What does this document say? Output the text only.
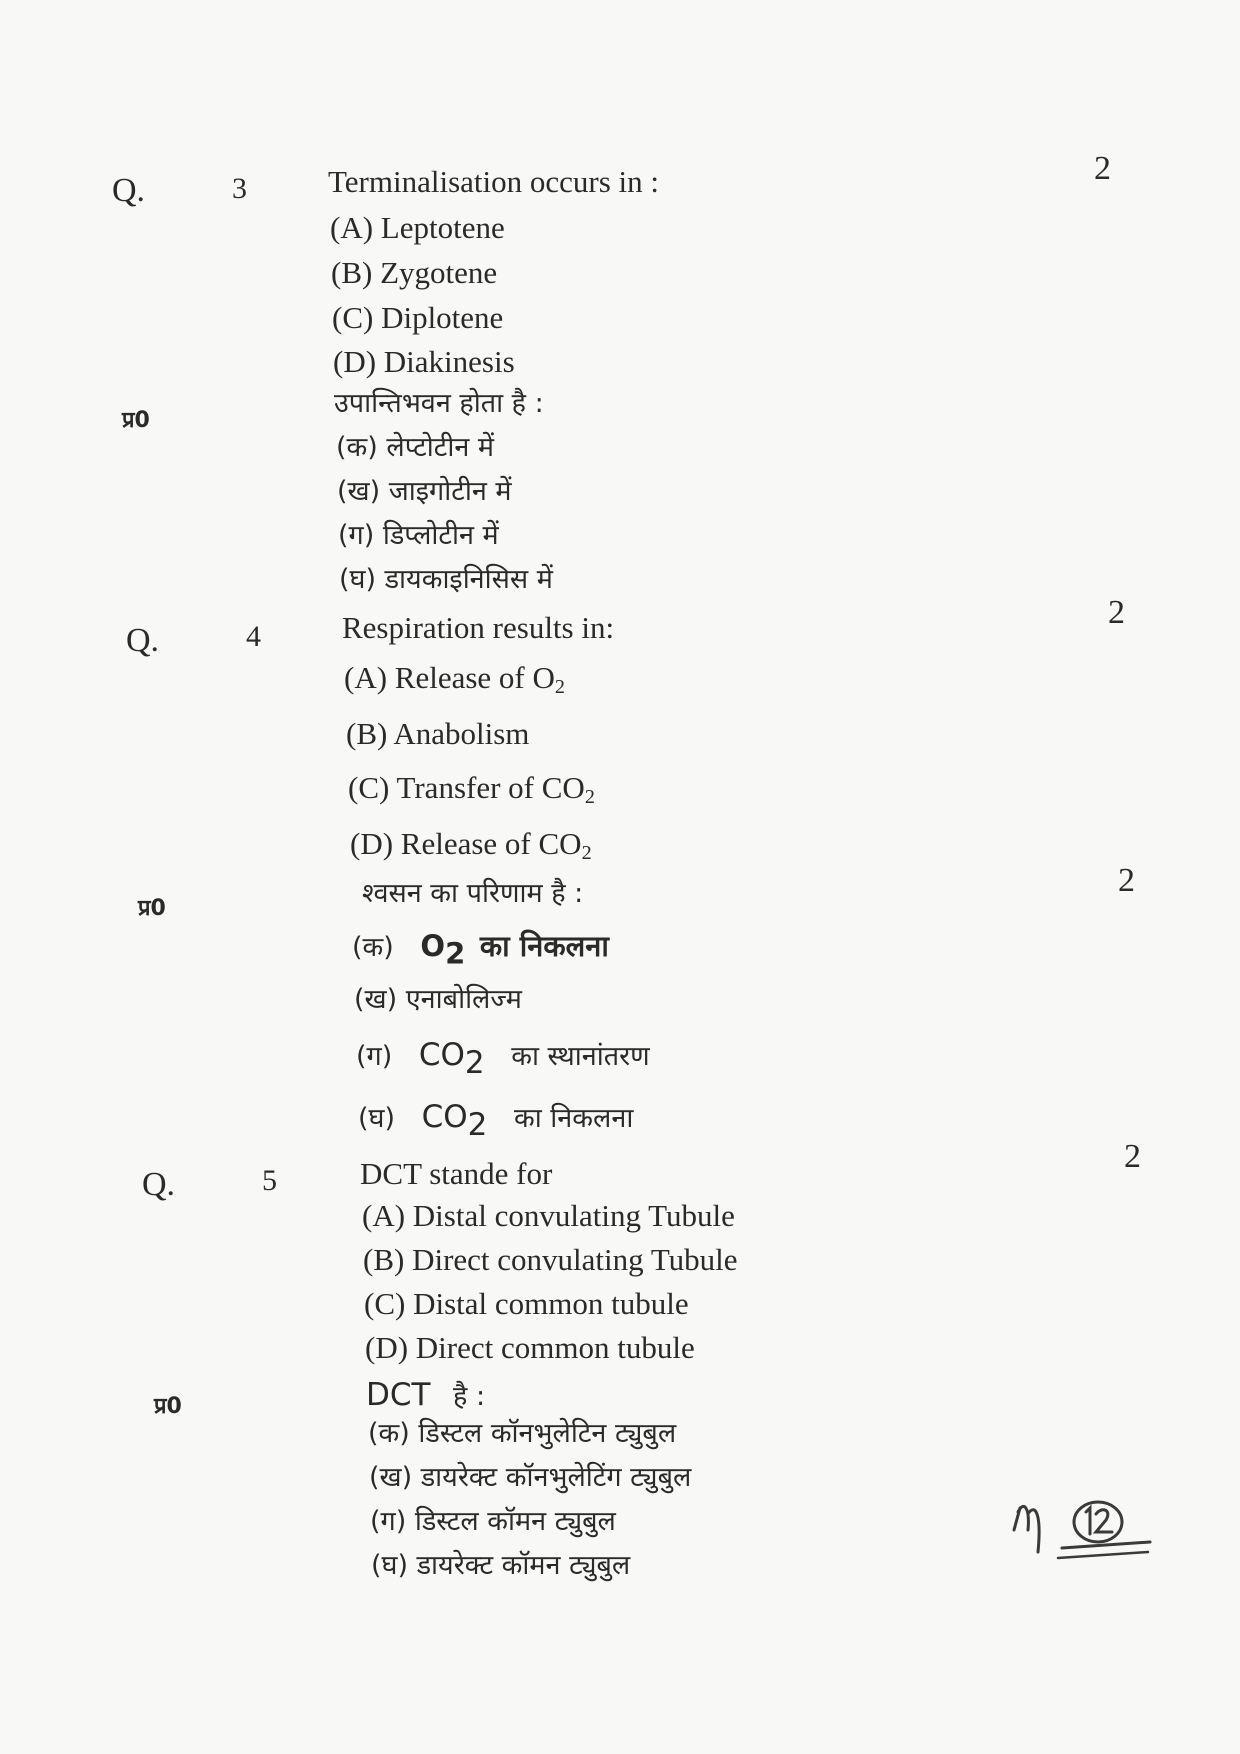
Q.	3
2
Terminalisation occurs in :
(A) Leptotene
(B) Zygotene
(C) Diplotene
(D) Diakinesis
प्र0
उपान्तिभवन होता है :
(क) लेप्टोटीन में
(ख) जाइगोटीन में
(ग) डिप्लोटीन में
(घ) डायकाइनिसिस में
Q.	4
2
Respiration results in:
(A) Release of $O_2$
(B) Anabolism
(C) Transfer of $CO_2$
(D) Release of $CO_2$
2
प्र0	श्वसन का परिणाम है :
(क) $O_2$ का निकलना
(ख) एनाबोलिज्म
(ग) $CO_2$ का स्थानांतरण
(घ) $CO_2$ का निकलना
Q.	5
2
DCT stande for
(A) Distal convulating Tubule
(B) Direct convulating Tubule
(C) Distal common tubule
(D) Direct common tubule
प्र0	DCT है :
(क) डिस्टल कॉनभुलेटिन ट्युबुल
(ख) डायरेक्ट कॉनभुलेटिंग ट्युबुल
(ग) डिस्टल कॉमन ट्युबुल
(घ) डायरेक्ट कॉमन ट्युबुल
